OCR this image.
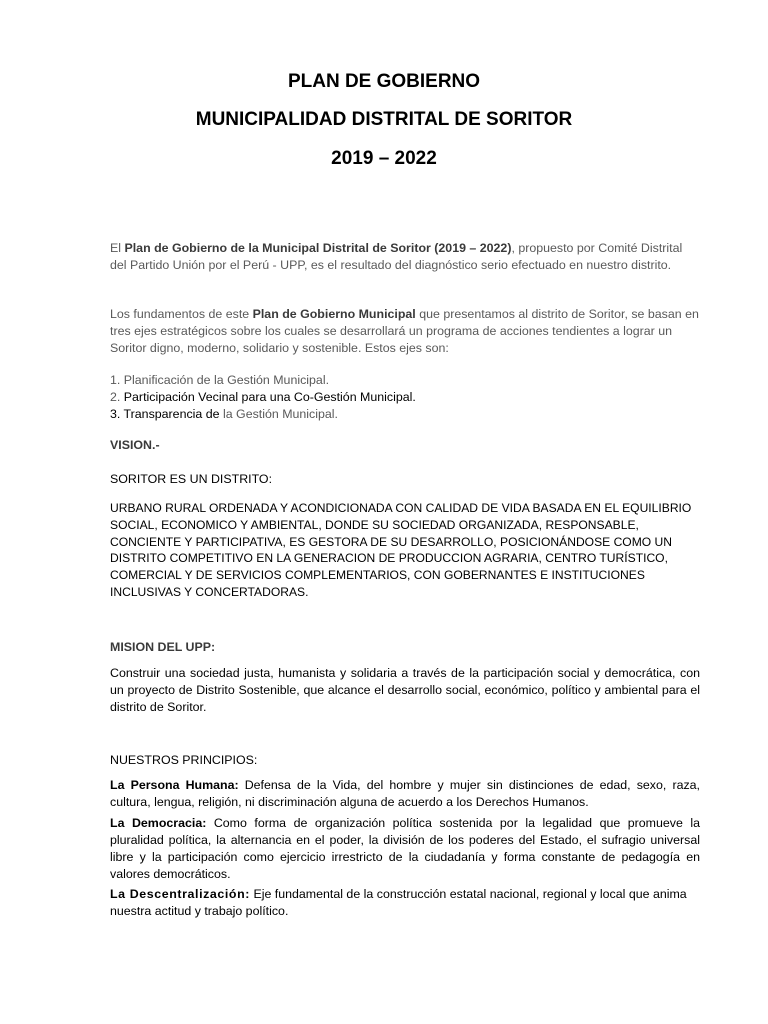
PLAN DE GOBIERNO
MUNICIPALIDAD DISTRITAL DE SORITOR
2019 – 2022
El Plan de Gobierno de la Municipal Distrital de Soritor (2019 – 2022), propuesto por Comité Distrital del Partido Unión por el Perú - UPP, es el resultado del diagnóstico serio efectuado en nuestro distrito.
Los fundamentos de este Plan de Gobierno Municipal que presentamos al distrito de Soritor, se basan en tres ejes estratégicos sobre los cuales se desarrollará un programa de acciones tendientes a lograr un Soritor digno, moderno, solidario y sostenible. Estos ejes son:
1. Planificación de la Gestión Municipal.
2. Participación Vecinal para una Co-Gestión Municipal.
3. Transparencia de la Gestión Municipal.
VISION.-
SORITOR ES UN DISTRITO:
URBANO RURAL ORDENADA Y ACONDICIONADA CON CALIDAD DE VIDA BASADA EN EL EQUILIBRIO SOCIAL, ECONOMICO Y AMBIENTAL, DONDE SU SOCIEDAD ORGANIZADA, RESPONSABLE, CONCIENTE Y PARTICIPATIVA, ES GESTORA DE SU DESARROLLO, POSICIONÁNDOSE COMO UN DISTRITO COMPETITIVO EN LA GENERACION DE PRODUCCION AGRARIA, CENTRO TURÍSTICO, COMERCIAL Y DE SERVICIOS COMPLEMENTARIOS, CON GOBERNANTES E INSTITUCIONES INCLUSIVAS Y CONCERTADORAS.
MISION DEL UPP:
Construir una sociedad justa, humanista y solidaria a través de la participación social y democrática, con un proyecto de Distrito Sostenible, que alcance el desarrollo social, económico, político y ambiental para el distrito de Soritor.
NUESTROS PRINCIPIOS:
La Persona Humana: Defensa de la Vida, del hombre y mujer sin distinciones de edad, sexo, raza, cultura, lengua, religión, ni discriminación alguna de acuerdo a los Derechos Humanos.
La Democracia: Como forma de organización política sostenida por la legalidad que promueve la pluralidad política, la alternancia en el poder, la división de los poderes del Estado, el sufragio universal libre y la participación como ejercicio irrestricto de la ciudadanía y forma constante de pedagogía en valores democráticos.
La Descentralización: Eje fundamental de la construcción estatal nacional, regional y local que anima nuestra actitud y trabajo político.
